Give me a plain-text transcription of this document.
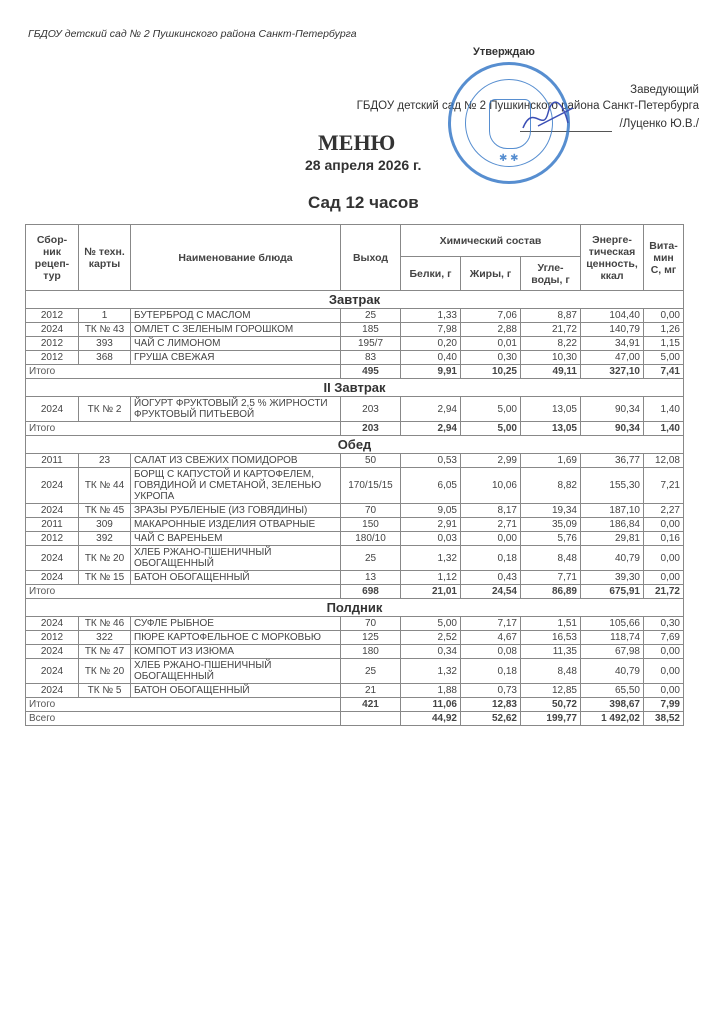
ГБДОУ детский сад № 2 Пушкинского района Санкт-Петербурга
Утверждаю
Заведующий
ГБДОУ детский сад № 2 Пушкинского района Санкт-Петербурга
/Луценко Ю.В./
✱ ✱
МЕНЮ
28 апреля 2026 г.
Сад 12 часов
Сбор-ник рецеп-тур	№ техн. карты	Наименование блюда	Выход	Химический состав			Энерге-тическая ценность, ккал	Вита-мин С, мг
				Белки, г	Жиры, г	Угле-воды, г		
Завтрак								
2012	1	БУТЕРБРОД С МАСЛОМ	25	1,33	7,06	8,87	104,40	0,00
2024	ТК № 43	ОМЛЕТ С ЗЕЛЕНЫМ ГОРОШКОМ	185	7,98	2,88	21,72	140,79	1,26
2012	393	ЧАЙ С ЛИМОНОМ	195/7	0,20	0,01	8,22	34,91	1,15
2012	368	ГРУША СВЕЖАЯ	83	0,40	0,30	10,30	47,00	5,00
Итого			495	9,91	10,25	49,11	327,10	7,41
II Завтрак								
2024	ТК № 2	ЙОГУРТ ФРУКТОВЫЙ 2,5 % ЖИРНОСТИ ФРУКТОВЫЙ ПИТЬЕВОЙ	203	2,94	5,00	13,05	90,34	1,40
Итого			203	2,94	5,00	13,05	90,34	1,40
Обед								
2011	23	САЛАТ ИЗ СВЕЖИХ ПОМИДОРОВ	50	0,53	2,99	1,69	36,77	12,08
2024	ТК № 44	БОРЩ С КАПУСТОЙ И КАРТОФЕЛЕМ, ГОВЯДИНОЙ И СМЕТАНОЙ, ЗЕЛЕНЬЮ УКРОПА	170/15/15	6,05	10,06	8,82	155,30	7,21
2024	ТК № 45	ЗРАЗЫ РУБЛЕНЫЕ (ИЗ ГОВЯДИНЫ)	70	9,05	8,17	19,34	187,10	2,27
2011	309	МАКАРОННЫЕ ИЗДЕЛИЯ ОТВАРНЫЕ	150	2,91	2,71	35,09	186,84	0,00
2012	392	ЧАЙ С ВАРЕНЬЕМ	180/10	0,03	0,00	5,76	29,81	0,16
2024	ТК № 20	ХЛЕБ РЖАНО-ПШЕНИЧНЫЙ ОБОГАЩЕННЫЙ	25	1,32	0,18	8,48	40,79	0,00
2024	ТК № 15	БАТОН ОБОГАЩЕННЫЙ	13	1,12	0,43	7,71	39,30	0,00
Итого			698	21,01	24,54	86,89	675,91	21,72
Полдник								
2024	ТК № 46	СУФЛЕ РЫБНОЕ	70	5,00	7,17	1,51	105,66	0,30
2012	322	ПЮРЕ КАРТОФЕЛЬНОЕ С МОРКОВЬЮ	125	2,52	4,67	16,53	118,74	7,69
2024	ТК № 47	КОМПОТ ИЗ ИЗЮМА	180	0,34	0,08	11,35	67,98	0,00
2024	ТК № 20	ХЛЕБ РЖАНО-ПШЕНИЧНЫЙ ОБОГАЩЕННЫЙ	25	1,32	0,18	8,48	40,79	0,00
2024	ТК № 5	БАТОН ОБОГАЩЕННЫЙ	21	1,88	0,73	12,85	65,50	0,00
Итого			421	11,06	12,83	50,72	398,67	7,99
Всего				44,92	52,62	199,77	1 492,02	38,52
